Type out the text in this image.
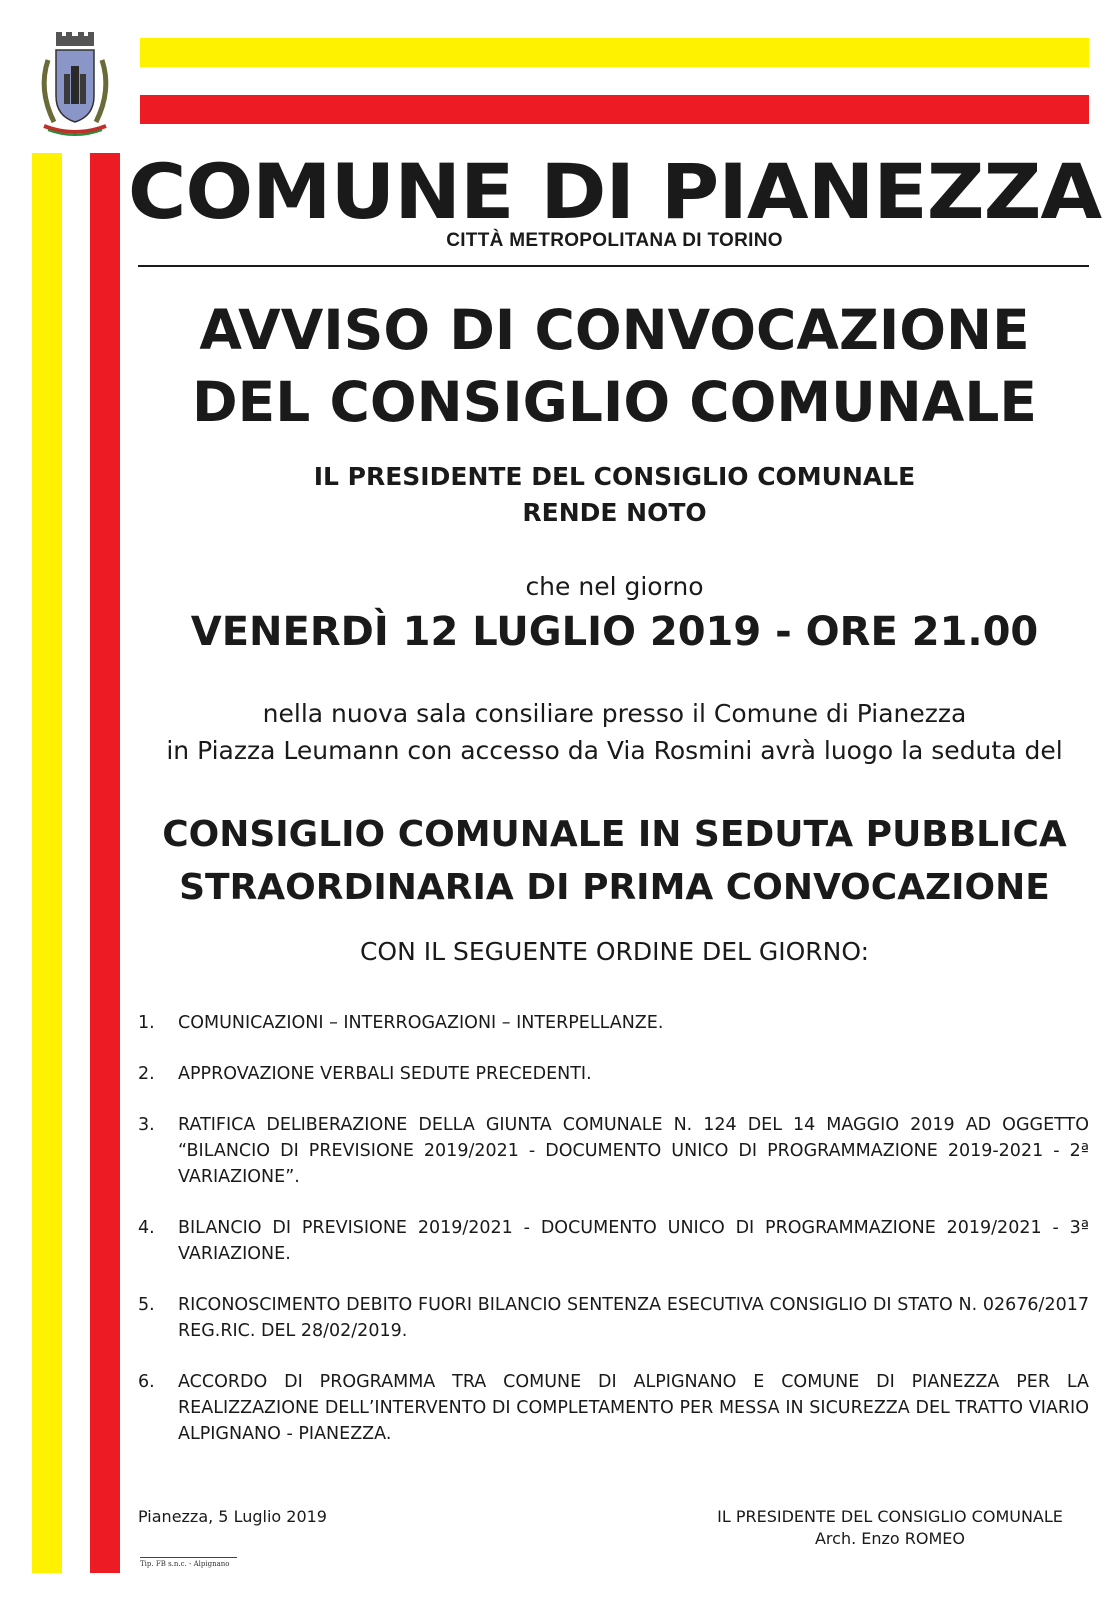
COMUNE DI PIANEZZA
CITTÀ METROPOLITANA DI TORINO
AVVISO DI CONVOCAZIONE
DEL CONSIGLIO COMUNALE
IL PRESIDENTE DEL CONSIGLIO COMUNALE
RENDE NOTO
che nel giorno
VENERDÌ 12 LUGLIO 2019 - ORE 21.00
nella nuova sala consiliare presso il Comune di Pianezza
in Piazza Leumann con accesso da Via Rosmini avrà luogo la seduta del
CONSIGLIO COMUNALE IN SEDUTA PUBBLICA
STRAORDINARIA DI PRIMA CONVOCAZIONE
CON IL SEGUENTE ORDINE DEL GIORNO:
1.	COMUNICAZIONI – INTERROGAZIONI – INTERPELLANZE.
2.	APPROVAZIONE VERBALI SEDUTE PRECEDENTI.
3.	RATIFICA DELIBERAZIONE DELLA GIUNTA COMUNALE N. 124 DEL 14 MAGGIO 2019 AD OGGETTO “BILANCIO DI PREVISIONE 2019/2021 - DOCUMENTO UNICO DI PROGRAMMAZIONE 2019-2021 - 2ª VARIAZIONE”.
4.	BILANCIO DI PREVISIONE 2019/2021 - DOCUMENTO UNICO DI PROGRAMMAZIONE 2019/2021 - 3ª VARIAZIONE.
5.	RICONOSCIMENTO DEBITO FUORI BILANCIO SENTENZA ESECUTIVA CONSIGLIO DI STATO N. 02676/2017 REG.RIC. DEL 28/02/2019.
6.	ACCORDO DI PROGRAMMA TRA COMUNE DI ALPIGNANO E COMUNE DI PIANEZZA PER LA REALIZZAZIONE DELL’INTERVENTO DI COMPLETAMENTO PER MESSA IN SICUREZZA DEL TRATTO VIARIO ALPIGNANO - PIANEZZA.
Pianezza, 5 Luglio 2019	IL PRESIDENTE DEL CONSIGLIO COMUNALE
Arch. Enzo ROMEO
Tip. FB s.n.c. - Alpignano
